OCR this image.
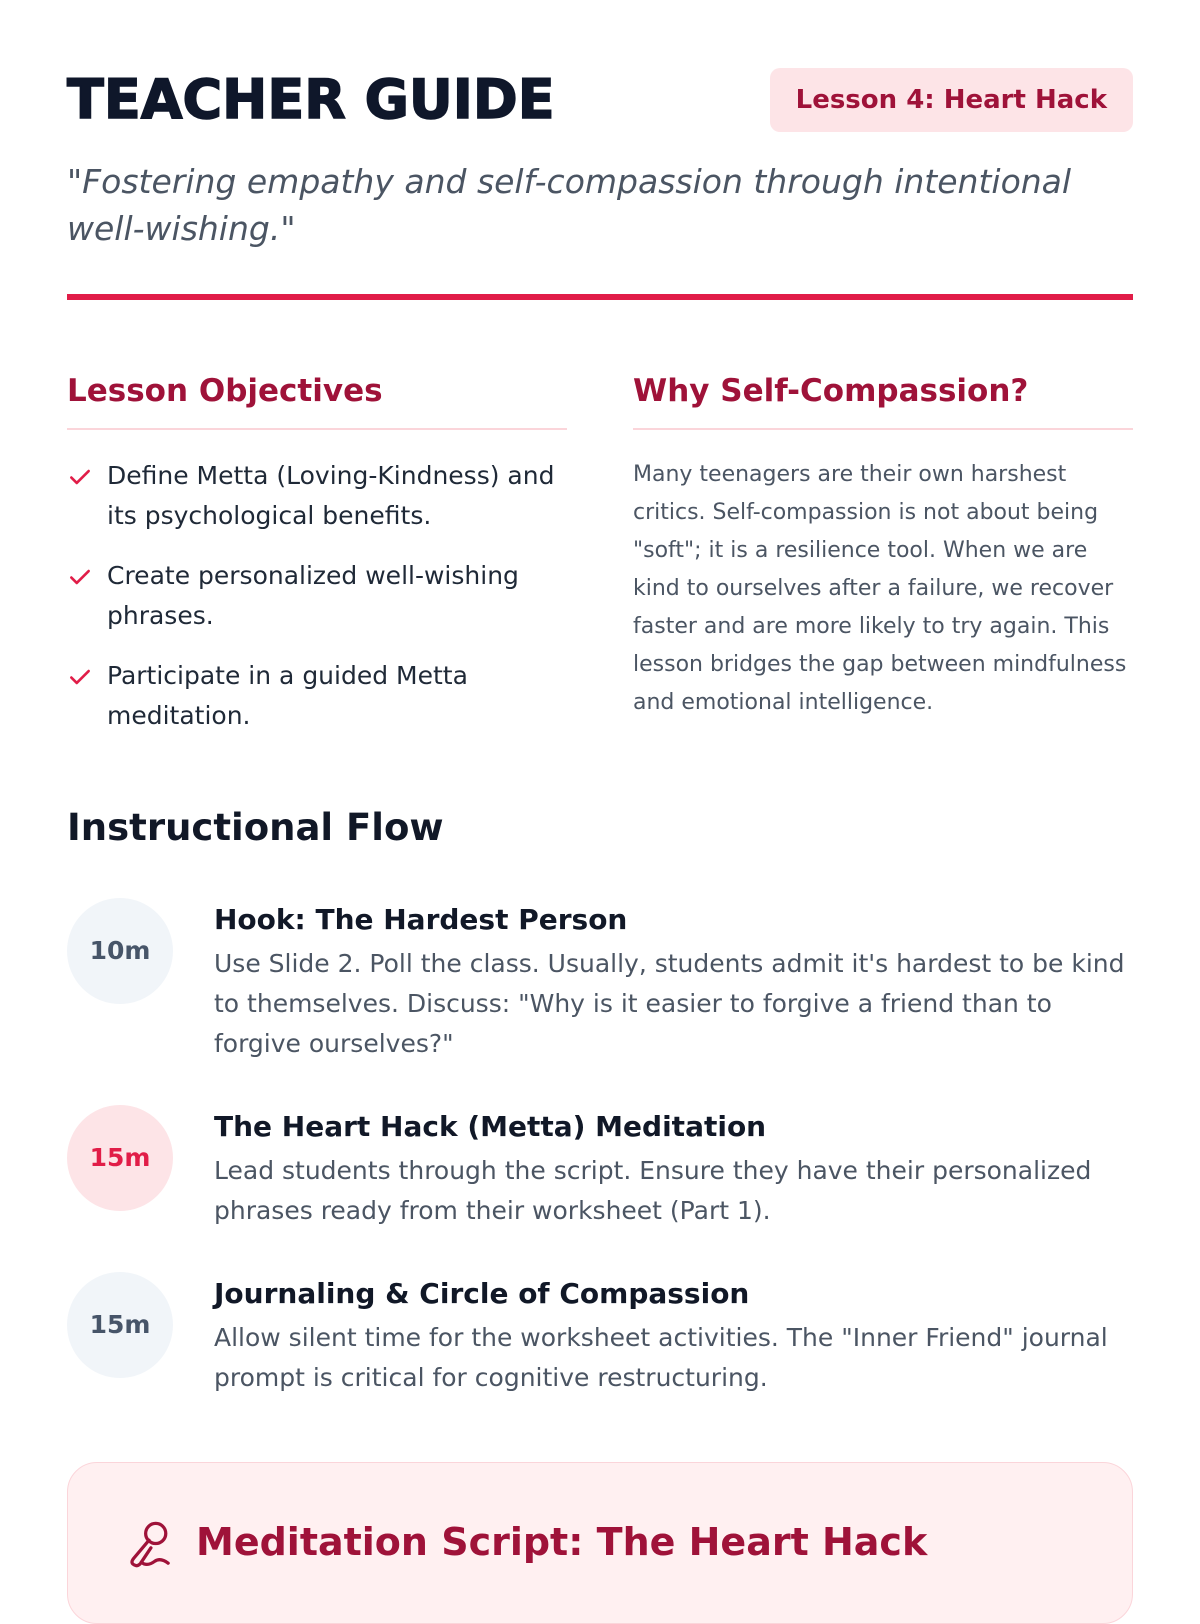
TEACHER GUIDE	Lesson 4: Heart Hack

"Fostering empathy and self-compassion through intentional well-wishing."

Lesson Objectives
Define Metta (Loving-Kindness) and its psychological benefits.
Create personalized well-wishing phrases.
Participate in a guided Metta meditation.
Why Self-Compassion?

Many teenagers are their own harshest critics. Self-compassion is not about being "soft"; it is a resilience tool. When we are kind to ourselves after a failure, we recover faster and are more likely to try again. This lesson bridges the gap between mindfulness and emotional intelligence.

Instructional Flow
10m
Hook: The Hardest Person

Use Slide 2. Poll the class. Usually, students admit it's hardest to be kind to themselves. Discuss: "Why is it easier to forgive a friend than to forgive ourselves?"

15m
The Heart Hack (Metta) Meditation

Lead students through the script. Ensure they have their personalized phrases ready from their worksheet (Part 1).

15m
Journaling & Circle of Compassion

Allow silent time for the worksheet activities. The "Inner Friend" journal prompt is critical for cognitive restructuring.

Meditation Script: The Heart Hack
